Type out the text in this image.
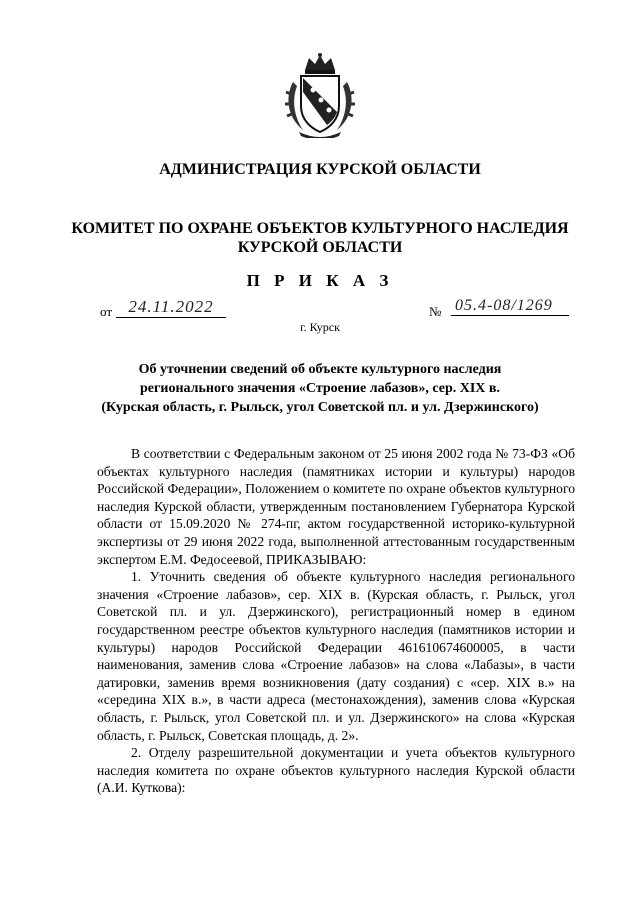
АДМИНИСТРАЦИЯ КУРСКОЙ ОБЛАСТИ
КОМИТЕТ ПО ОХРАНЕ ОБЪЕКТОВ КУЛЬТУРНОГО НАСЛЕДИЯ
КУРСКОЙ ОБЛАСТИ
П Р И К А З
от 24.11.2022	№ 05.4-08/1269
г. Курск
Об уточнении сведений об объекте культурного наследия
регионального значения «Строение лабазов», сер. XIX в.
(Курская область, г. Рыльск, угол Советской пл. и ул. Дзержинского)

В соответствии с Федеральным законом от 25 июня 2002 года № 73-ФЗ «Об объектах культурного наследия (памятниках истории и культуры) народов Российской Федерации», Положением о комитете по охране объектов культурного наследия Курской области, утвержденным постановлением Губернатора Курской области от 15.09.2020 № 274-пг, актом государственной историко-культурной экспертизы от 29 июня 2022 года, выполненной аттестованным государственным экспертом Е.М. Федосеевой, ПРИКАЗЫВАЮ:

1. Уточнить сведения об объекте культурного наследия регионального значения «Строение лабазов», сер. XIX в. (Курская область, г. Рыльск, угол Советской пл. и ул. Дзержинского), регистрационный номер в едином государственном реестре объектов культурного наследия (памятников истории и культуры) народов Российской Федерации 461610674600005, в части наименования, заменив слова «Строение лабазов» на слова «Лабазы», в части датировки, заменив время возникновения (дату создания) с «сер. XIX в.» на «середина XIX в.», в части адреса (местонахождения), заменив слова «Курская область, г. Рыльск, угол Советской пл. и ул. Дзержинского» на слова «Курская область, г. Рыльск, Советская площадь, д. 2».

2. Отделу разрешительной документации и учета объектов культурного наследия комитета по охране объектов культурного наследия Курской области (А.И. Куткова):
